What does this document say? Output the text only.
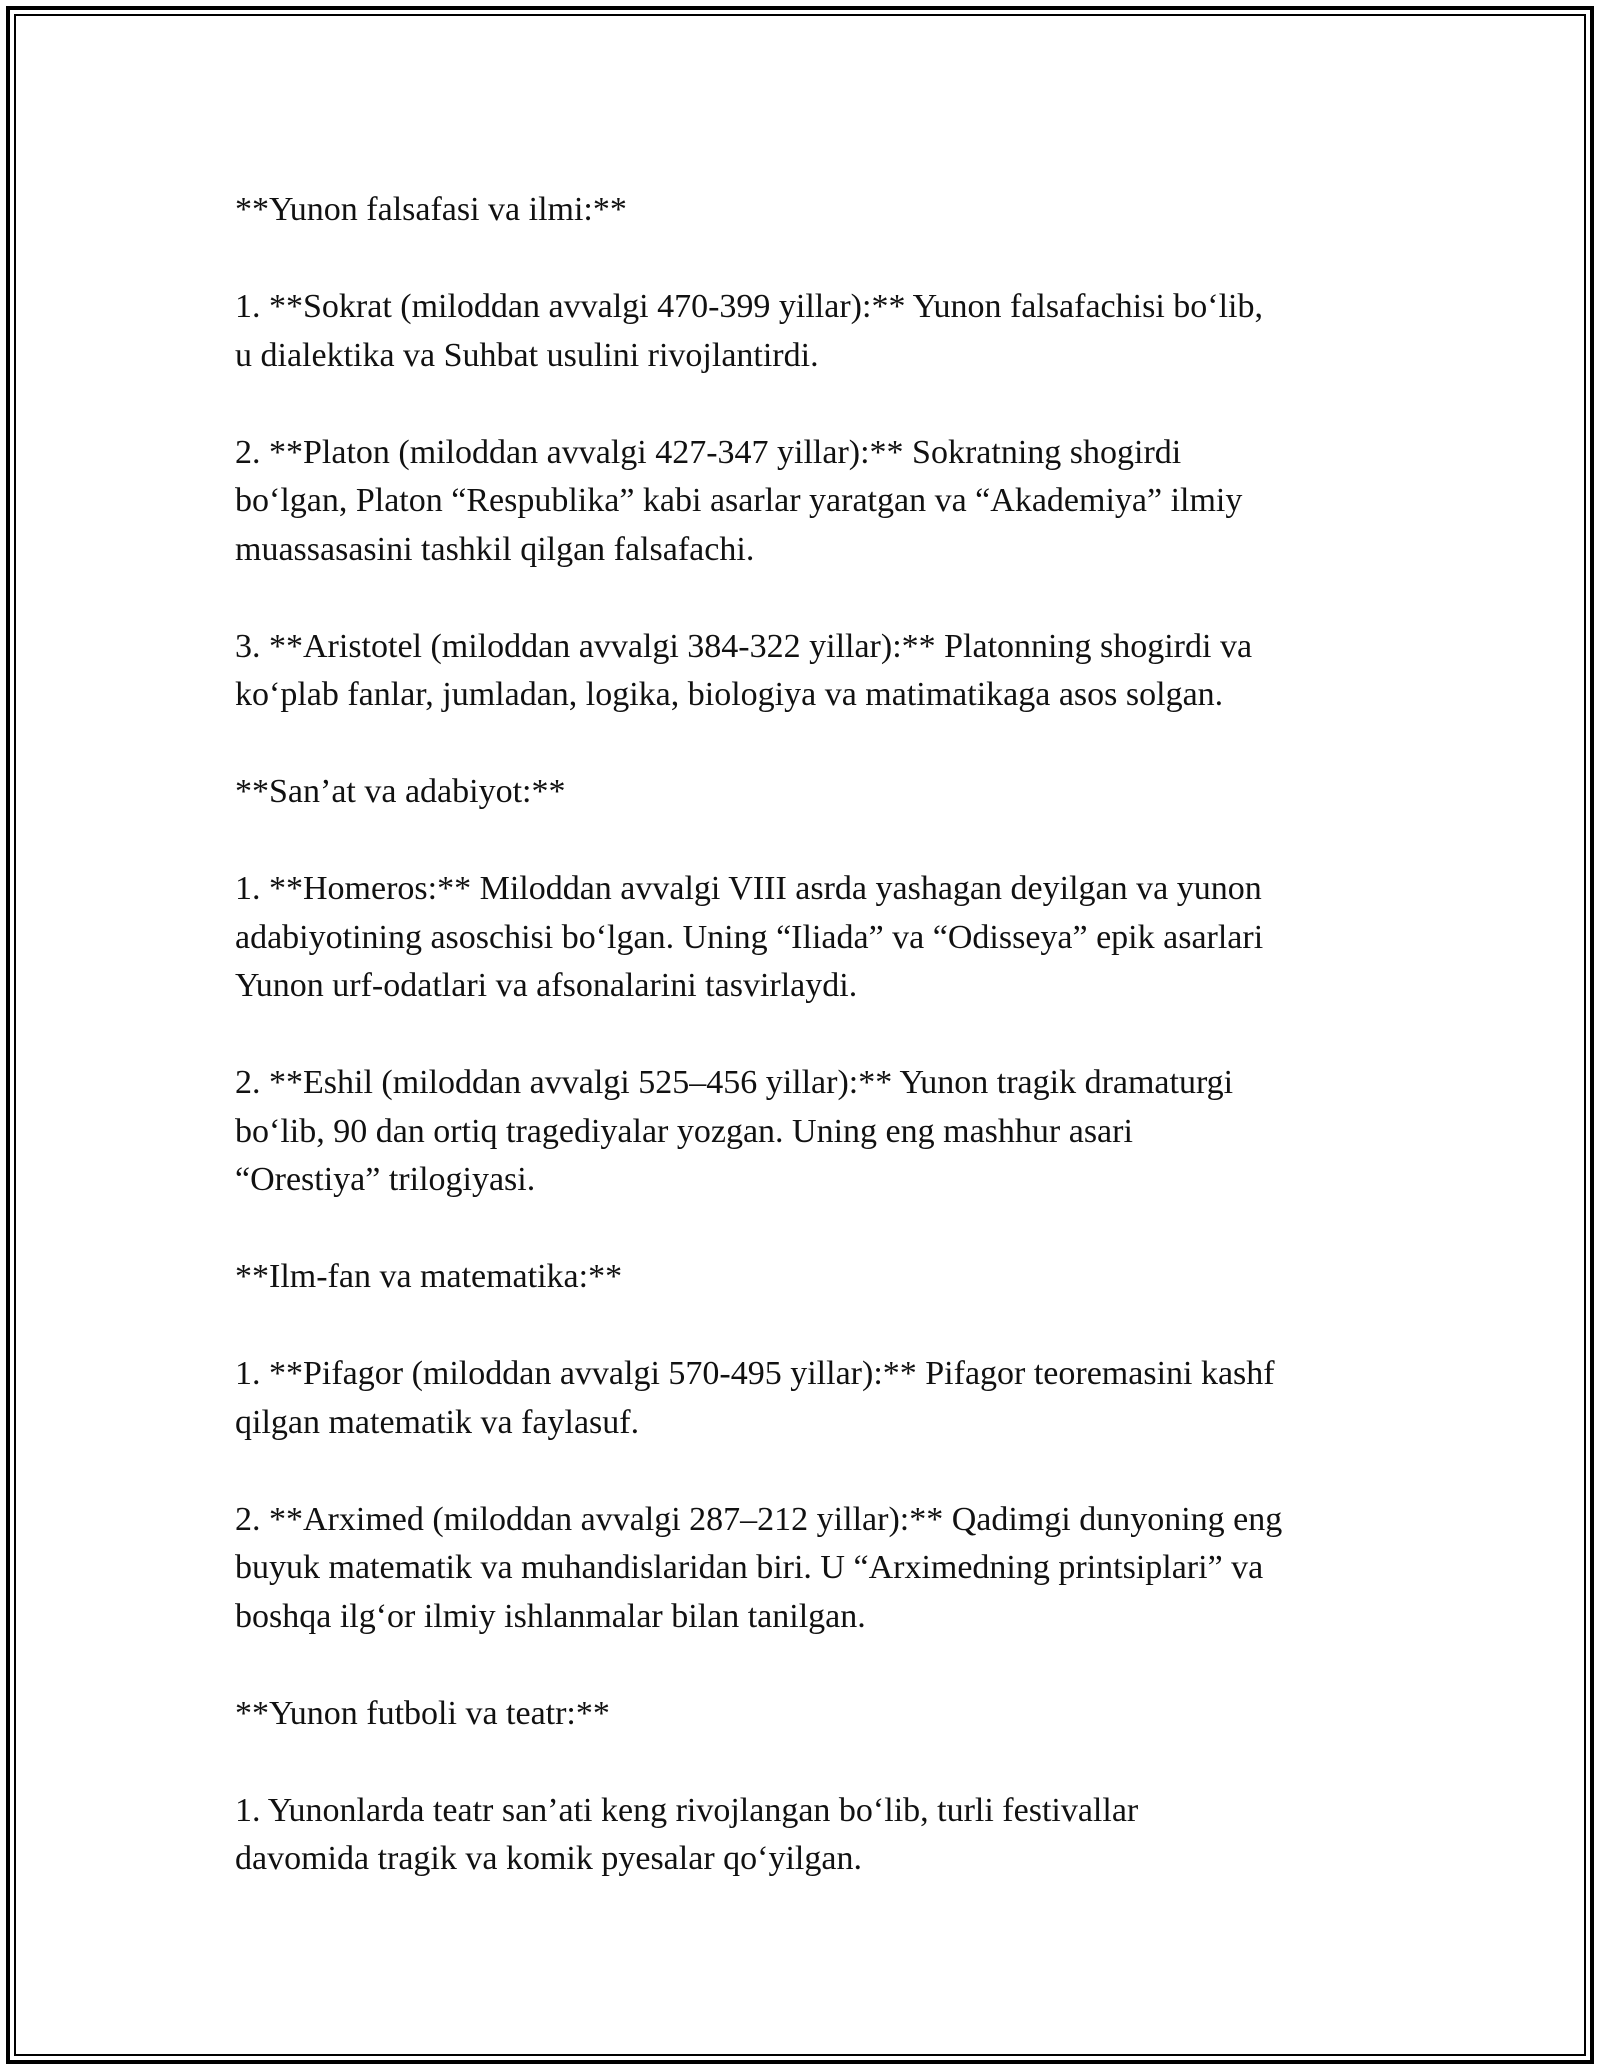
**Yunon falsafasi va ilmi:**

1. **Sokrat (miloddan avvalgi 470-399 yillar):** Yunon falsafachisi bo‘lib,
u dialektika va Suhbat usulini rivojlantirdi.

2. **Platon (miloddan avvalgi 427-347 yillar):** Sokratning shogirdi
bo‘lgan, Platon “Respublika” kabi asarlar yaratgan va “Akademiya” ilmiy
muassasasini tashkil qilgan falsafachi.

3. **Aristotel (miloddan avvalgi 384-322 yillar):** Platonning shogirdi va
ko‘plab fanlar, jumladan, logika, biologiya va matimatikaga asos solgan.

**San’at va adabiyot:**

1. **Homeros:** Miloddan avvalgi VIII asrda yashagan deyilgan va yunon
adabiyotining asoschisi bo‘lgan. Uning “Iliada” va “Odisseya” epik asarlari
Yunon urf-odatlari va afsonalarini tasvirlaydi.

2. **Eshil (miloddan avvalgi 525–456 yillar):** Yunon tragik dramaturgi
bo‘lib, 90 dan ortiq tragediyalar yozgan. Uning eng mashhur asari
“Orestiya” trilogiyasi.

**Ilm-fan va matematika:**

1. **Pifagor (miloddan avvalgi 570-495 yillar):** Pifagor teoremasini kashf
qilgan matematik va faylasuf.

2. **Arximed (miloddan avvalgi 287–212 yillar):** Qadimgi dunyoning eng
buyuk matematik va muhandislaridan biri. U “Arximedning printsiplari” va
boshqa ilg‘or ilmiy ishlanmalar bilan tanilgan.

**Yunon futboli va teatr:**

1. Yunonlarda teatr san’ati keng rivojlangan bo‘lib, turli festivallar
davomida tragik va komik pyesalar qo‘yilgan.
